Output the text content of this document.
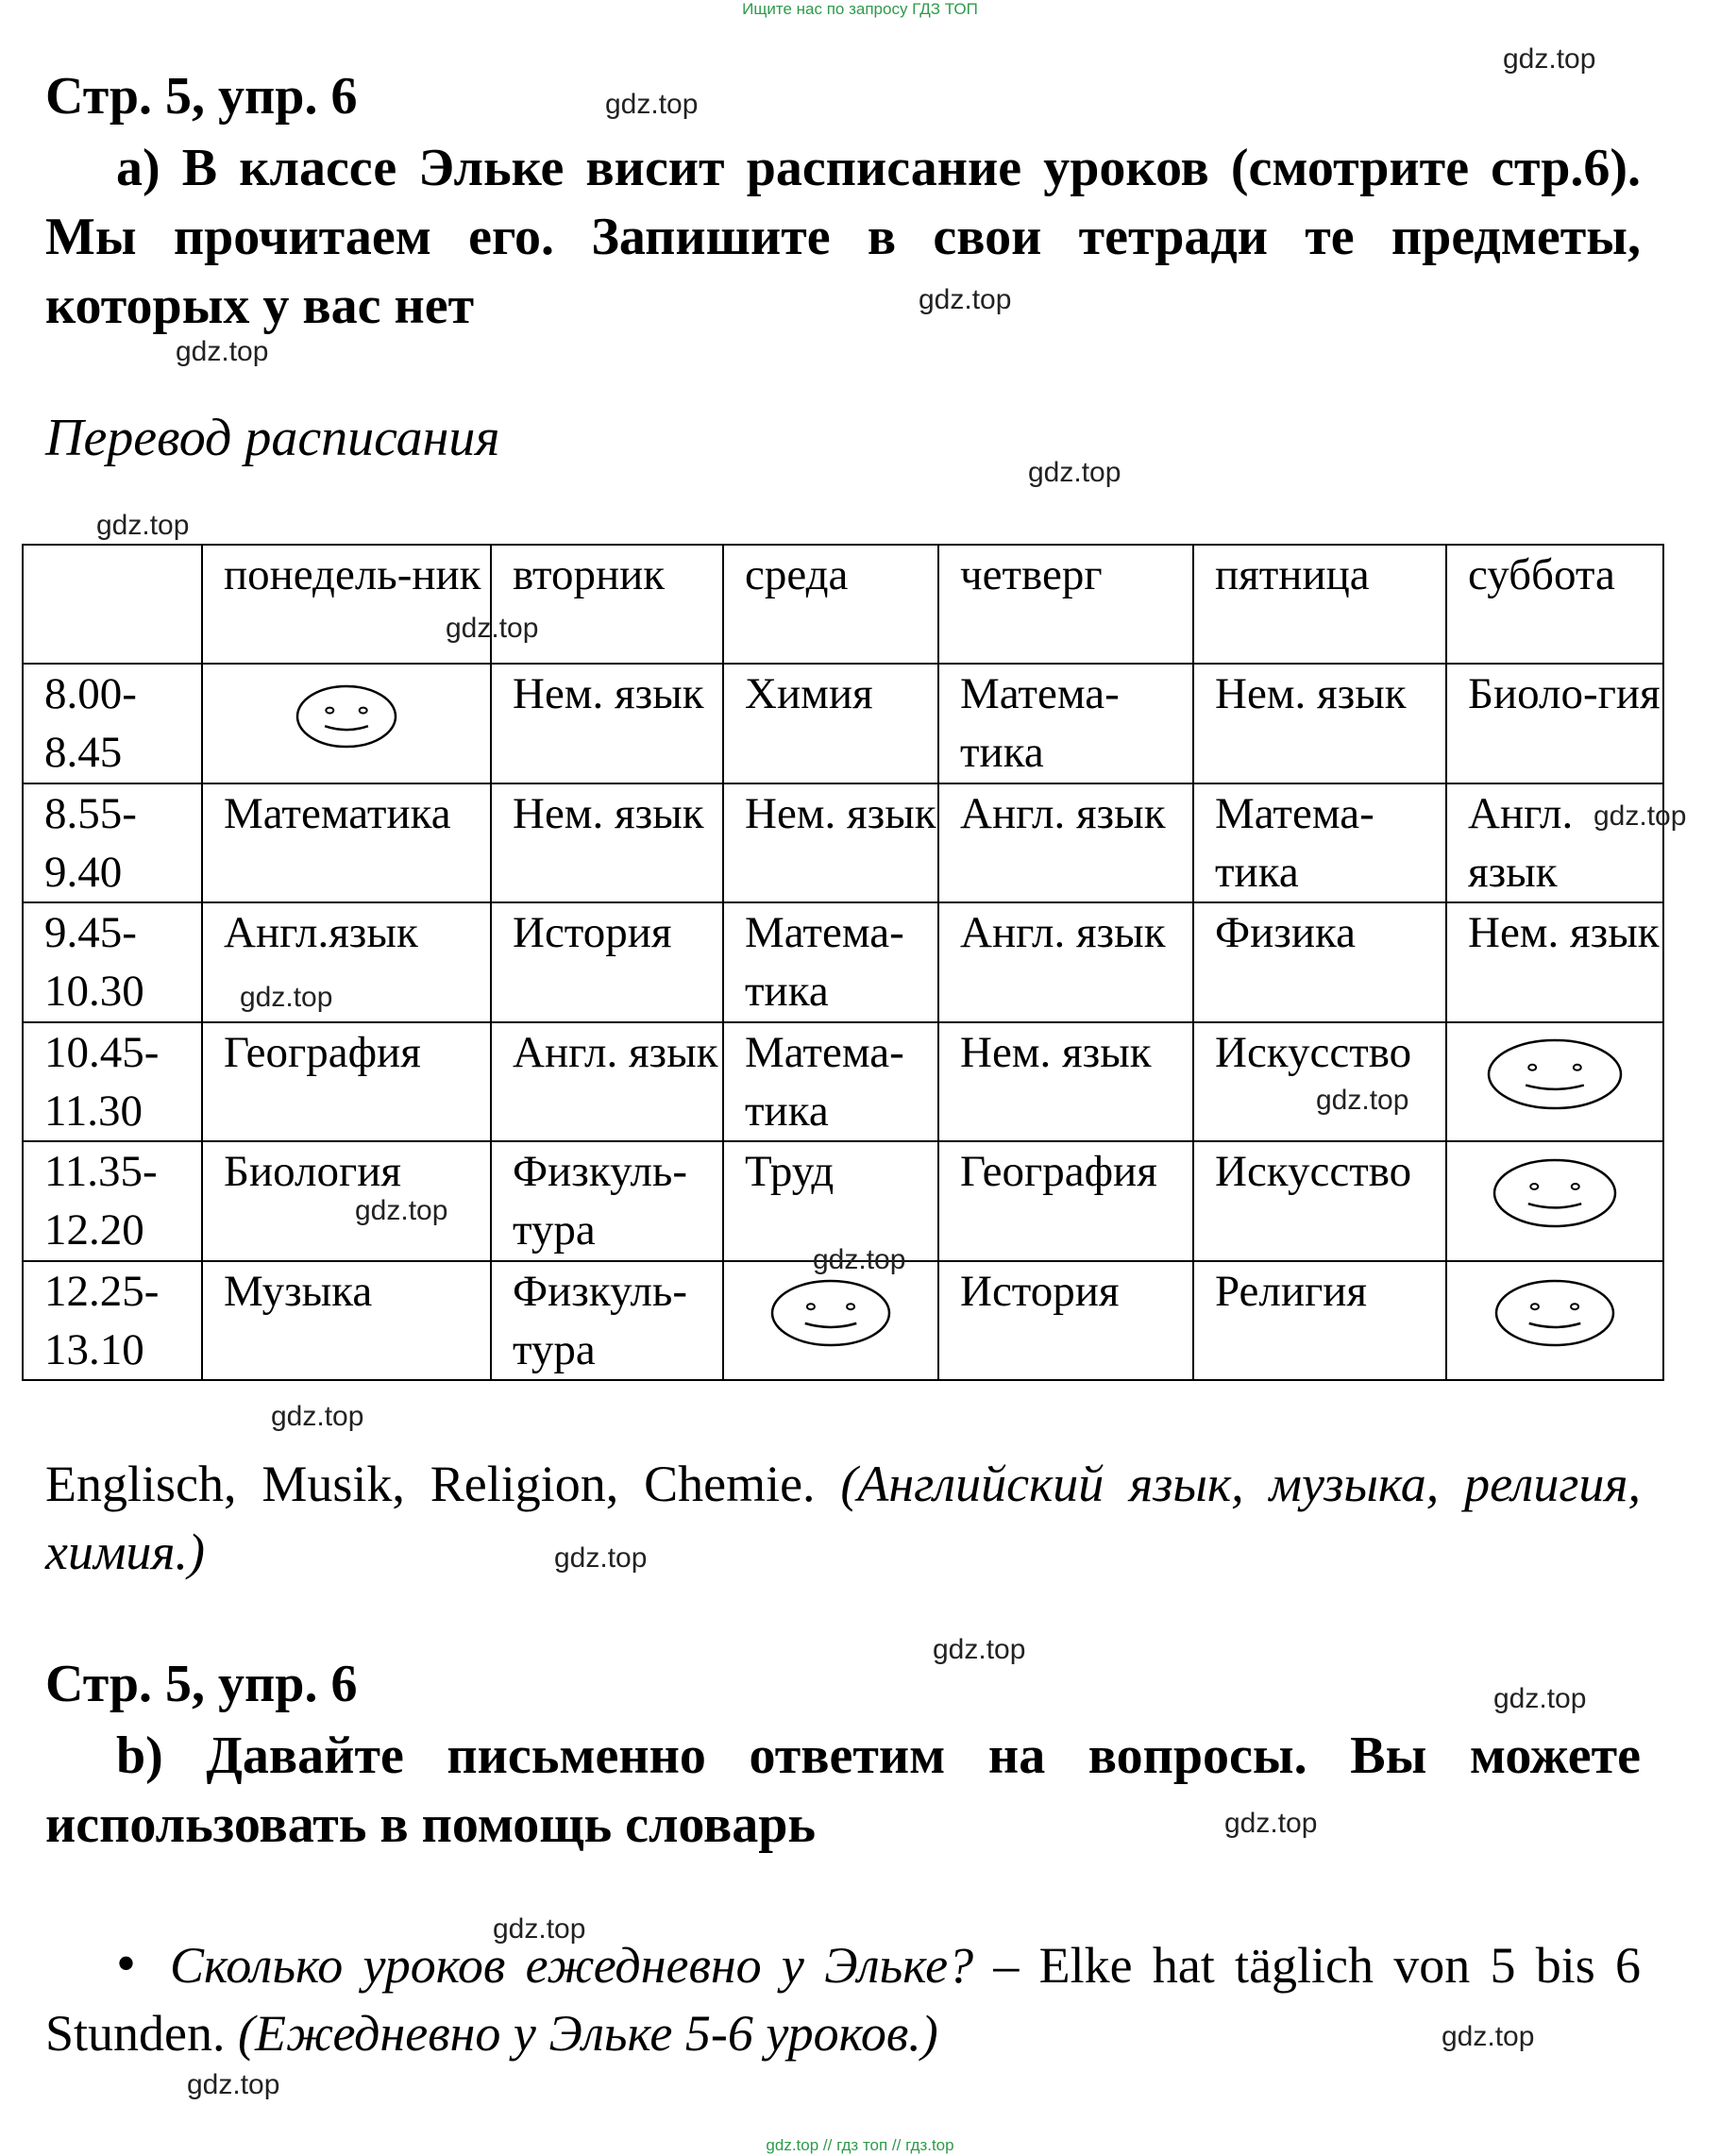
Ищите нас по запросу ГДЗ ТОП
Стр. 5, упр. 6
a) В классе Эльке висит расписание уроков (смотрите стр.6). Мы прочитаем его. Запишите в свои тетради те предметы, которых у вас нет
Перевод расписания
	понедель-ник	вторник	среда	четверг	пятница	суббота
8.00-8.45		Нем. язык	Химия	Матема-тика	Нем. язык	Биоло-гия
8.55-9.40	Математика	Нем. язык	Нем. язык	Англ. язык	Матема-тика	Англ. язык
9.45-10.30	Англ.язык	История	Матема-тика	Англ. язык	Физика	Нем. язык
10.45-11.30	География	Англ. язык	Матема-тика	Нем. язык	Искусство	
11.35-12.20	Биология	Физкуль-тура	Труд	География	Искусство	
12.25-13.10	Музыка	Физкуль-тура		История	Религия	
Englisch, Musik, Religion, Chemie. (Английский язык, музыка, религия, химия.)
Стр. 5, упр. 6
b) Давайте письменно ответим на вопросы. Вы можете использовать в помощь словарь
• Сколько уроков ежедневно у Эльке? – Elke hat täglich von 5 bis 6 Stunden. (Ежедневно у Эльке 5-6 уроков.)
gdz.top
gdz.top
gdz.top
gdz.top
gdz.top
gdz.top
gdz.top
gdz.top
gdz.top
gdz.top
gdz.top
gdz.top
gdz.top
gdz.top
gdz.top
gdz.top
gdz.top
gdz.top
gdz.top
gdz.top
gdz.top // гдз топ // гдз.top
